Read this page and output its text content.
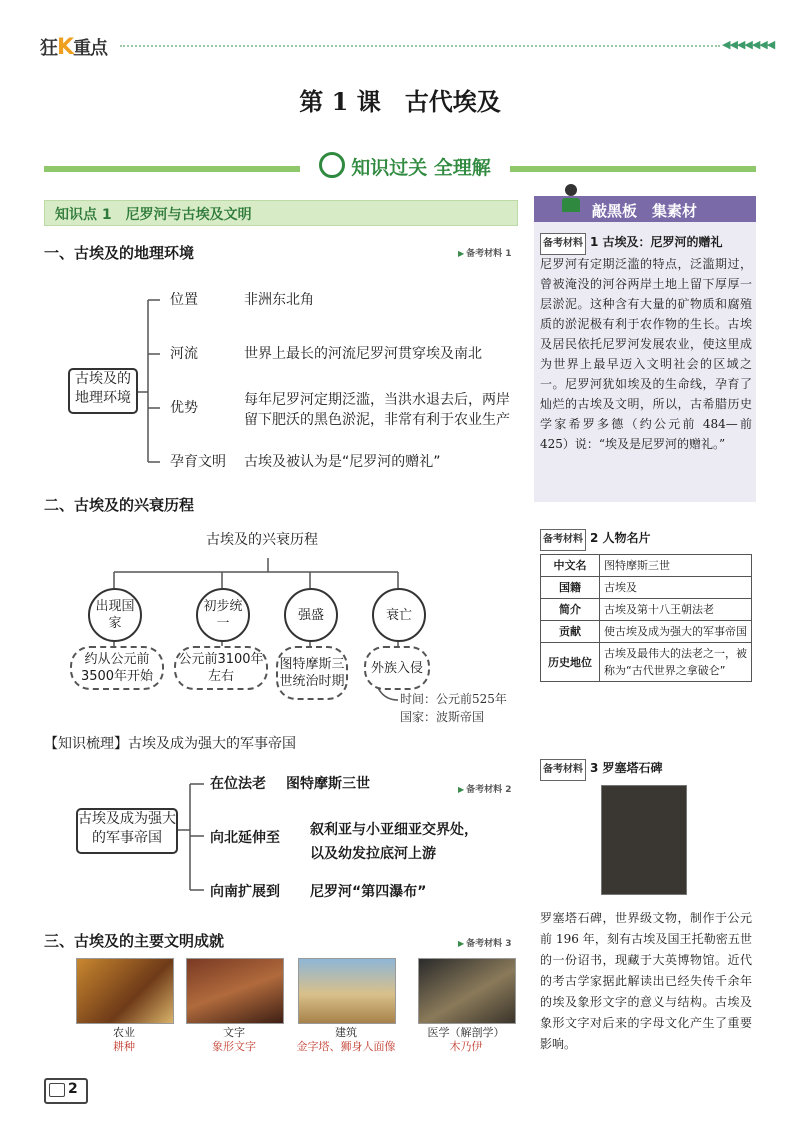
狂K重点	◀◀◀◀◀◀◀
第 1 课　古代埃及
知识过关 全理解
知识点 1　尼罗河与古埃及文明
一、古埃及的地理环境	▶ 备考材料 1
古埃及的地理环境
位置	非洲东北角
河流	世界上最长的河流尼罗河贯穿埃及南北
优势	每年尼罗河定期泛滥，当洪水退去后，两岸留下肥沃的黑色淤泥，非常有利于农业生产
孕育文明 古埃及被认为是“尼罗河的赠礼”
二、古埃及的兴衰历程
古埃及的兴衰历程
出现国家
初步统一
强盛	衰亡
约从公元前3500年开始
公元前3100年左右
图特摩斯三世统治时期
外族入侵
时间：公元前525年
国家：波斯帝国
【知识梳理】古埃及成为强大的军事帝国
古埃及成为强大的军事帝国
▶ 备考材料 2
在位法老 图特摩斯三世
向北延伸至 叙利亚与小亚细亚交界处，
以及幼发拉底河上游
向南扩展到 尼罗河“第四瀑布”
三、古埃及的主要文明成就	▶ 备考材料 3
农业
耕种
文字
象形文字
建筑
金字塔、狮身人面像
医学（解剖学）
木乃伊
敲黑板　集素材
备考材料 1 古埃及：尼罗河的赠礼
尼罗河有定期泛滥的特点，泛滥期过，曾被淹没的河谷两岸土地上留下厚厚一层淤泥。这种含有大量的矿物质和腐殖质的淤泥极有利于农作物的生长。古埃及居民依托尼罗河发展农业，使这里成为世界上最早迈入文明社会的区域之一。尼罗河犹如埃及的生命线，孕育了灿烂的古埃及文明，所以，古希腊历史学家希罗多德（约公元前 484—前 425）说：“埃及是尼罗河的赠礼。”
备考材料 2 人物名片
中文名	图特摩斯三世
国籍	古埃及
简介	古埃及第十八王朝法老
贡献	使古埃及成为强大的军事帝国
历史地位	古埃及最伟大的法老之一，被称为“古代世界之拿破仑”
备考材料 3 罗塞塔石碑
罗塞塔石碑，世界级文物，制作于公元前 196 年，刻有古埃及国王托勒密五世的一份诏书，现藏于大英博物馆。近代的考古学家据此解读出已经失传千余年的埃及象形文字的意义与结构。古埃及象形文字对后来的字母文化产生了重要影响。
2
